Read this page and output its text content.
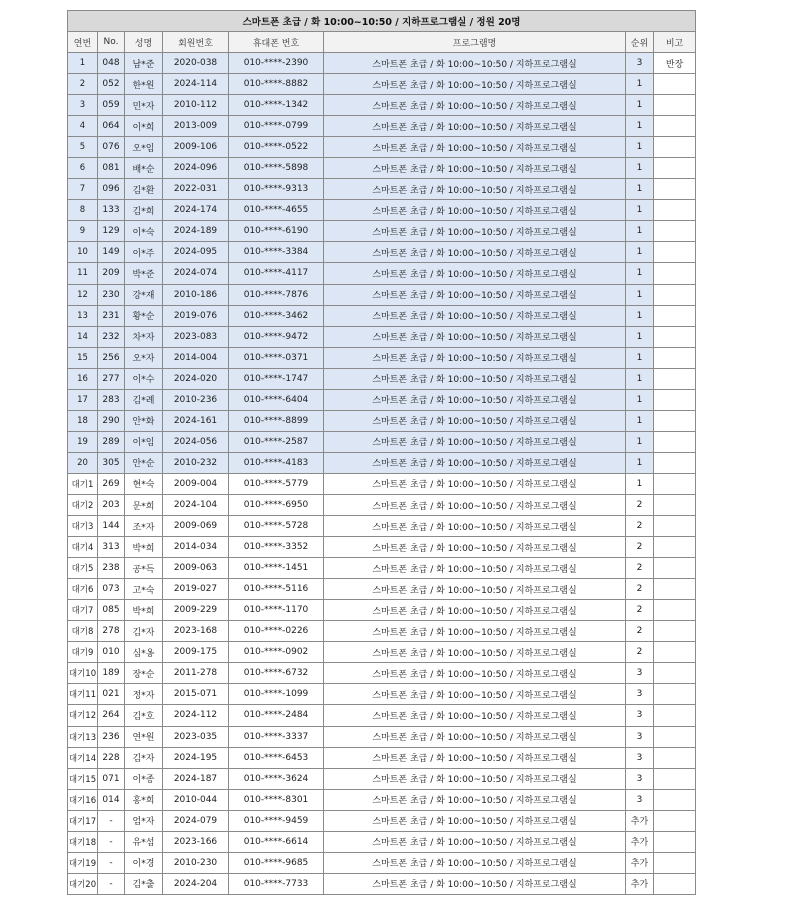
스마트폰 초급 / 화 10:00~10:50 / 지하프로그램실 / 정원 20명							
연번	No.	성명	회원번호	휴대폰 번호	프로그램명	순위	비고
1	048	남*준	2020-038	010-****-2390	스마트폰 초급 / 화 10:00~10:50 / 지하프로그램실	3	반장
2	052	한*원	2024-114	010-****-8882	스마트폰 초급 / 화 10:00~10:50 / 지하프로그램실	1	
3	059	민*자	2010-112	010-****-1342	스마트폰 초급 / 화 10:00~10:50 / 지하프로그램실	1	
4	064	이*희	2013-009	010-****-0799	스마트폰 초급 / 화 10:00~10:50 / 지하프로그램실	1	
5	076	오*임	2009-106	010-****-0522	스마트폰 초급 / 화 10:00~10:50 / 지하프로그램실	1	
6	081	배*순	2024-096	010-****-5898	스마트폰 초급 / 화 10:00~10:50 / 지하프로그램실	1	
7	096	김*환	2022-031	010-****-9313	스마트폰 초급 / 화 10:00~10:50 / 지하프로그램실	1	
8	133	김*희	2024-174	010-****-4655	스마트폰 초급 / 화 10:00~10:50 / 지하프로그램실	1	
9	129	이*숙	2024-189	010-****-6190	스마트폰 초급 / 화 10:00~10:50 / 지하프로그램실	1	
10	149	이*주	2024-095	010-****-3384	스마트폰 초급 / 화 10:00~10:50 / 지하프로그램실	1	
11	209	박*준	2024-074	010-****-4117	스마트폰 초급 / 화 10:00~10:50 / 지하프로그램실	1	
12	230	강*재	2010-186	010-****-7876	스마트폰 초급 / 화 10:00~10:50 / 지하프로그램실	1	
13	231	황*순	2019-076	010-****-3462	스마트폰 초급 / 화 10:00~10:50 / 지하프로그램실	1	
14	232	차*자	2023-083	010-****-9472	스마트폰 초급 / 화 10:00~10:50 / 지하프로그램실	1	
15	256	오*자	2014-004	010-****-0371	스마트폰 초급 / 화 10:00~10:50 / 지하프로그램실	1	
16	277	이*수	2024-020	010-****-1747	스마트폰 초급 / 화 10:00~10:50 / 지하프로그램실	1	
17	283	김*례	2010-236	010-****-6404	스마트폰 초급 / 화 10:00~10:50 / 지하프로그램실	1	
18	290	안*화	2024-161	010-****-8899	스마트폰 초급 / 화 10:00~10:50 / 지하프로그램실	1	
19	289	이*임	2024-056	010-****-2587	스마트폰 초급 / 화 10:00~10:50 / 지하프로그램실	1	
20	305	안*순	2010-232	010-****-4183	스마트폰 초급 / 화 10:00~10:50 / 지하프로그램실	1	
대기1	269	현*숙	2009-004	010-****-5779	스마트폰 초급 / 화 10:00~10:50 / 지하프로그램실	1	
대기2	203	문*희	2024-104	010-****-6950	스마트폰 초급 / 화 10:00~10:50 / 지하프로그램실	2	
대기3	144	조*자	2009-069	010-****-5728	스마트폰 초급 / 화 10:00~10:50 / 지하프로그램실	2	
대기4	313	박*희	2014-034	010-****-3352	스마트폰 초급 / 화 10:00~10:50 / 지하프로그램실	2	
대기5	238	공*득	2009-063	010-****-1451	스마트폰 초급 / 화 10:00~10:50 / 지하프로그램실	2	
대기6	073	고*숙	2019-027	010-****-5116	스마트폰 초급 / 화 10:00~10:50 / 지하프로그램실	2	
대기7	085	박*희	2009-229	010-****-1170	스마트폰 초급 / 화 10:00~10:50 / 지하프로그램실	2	
대기8	278	김*자	2023-168	010-****-0226	스마트폰 초급 / 화 10:00~10:50 / 지하프로그램실	2	
대기9	010	심*옹	2009-175	010-****-0902	스마트폰 초급 / 화 10:00~10:50 / 지하프로그램실	2	
대기10	189	장*순	2011-278	010-****-6732	스마트폰 초급 / 화 10:00~10:50 / 지하프로그램실	3	
대기11	021	정*자	2015-071	010-****-1099	스마트폰 초급 / 화 10:00~10:50 / 지하프로그램실	3	
대기12	264	김*호	2024-112	010-****-2484	스마트폰 초급 / 화 10:00~10:50 / 지하프로그램실	3	
대기13	236	연*원	2023-035	010-****-3337	스마트폰 초급 / 화 10:00~10:50 / 지하프로그램실	3	
대기14	228	김*자	2024-195	010-****-6453	스마트폰 초급 / 화 10:00~10:50 / 지하프로그램실	3	
대기15	071	이*종	2024-187	010-****-3624	스마트폰 초급 / 화 10:00~10:50 / 지하프로그램실	3	
대기16	014	홍*희	2010-044	010-****-8301	스마트폰 초급 / 화 10:00~10:50 / 지하프로그램실	3	
대기17	-	엄*자	2024-079	010-****-9459	스마트폰 초급 / 화 10:00~10:50 / 지하프로그램실	추가	
대기18	-	유*섬	2023-166	010-****-6614	스마트폰 초급 / 화 10:00~10:50 / 지하프로그램실	추가	
대기19	-	이*경	2010-230	010-****-9685	스마트폰 초급 / 화 10:00~10:50 / 지하프로그램실	추가	
대기20	-	김*출	2024-204	010-****-7733	스마트폰 초급 / 화 10:00~10:50 / 지하프로그램실	추가	
